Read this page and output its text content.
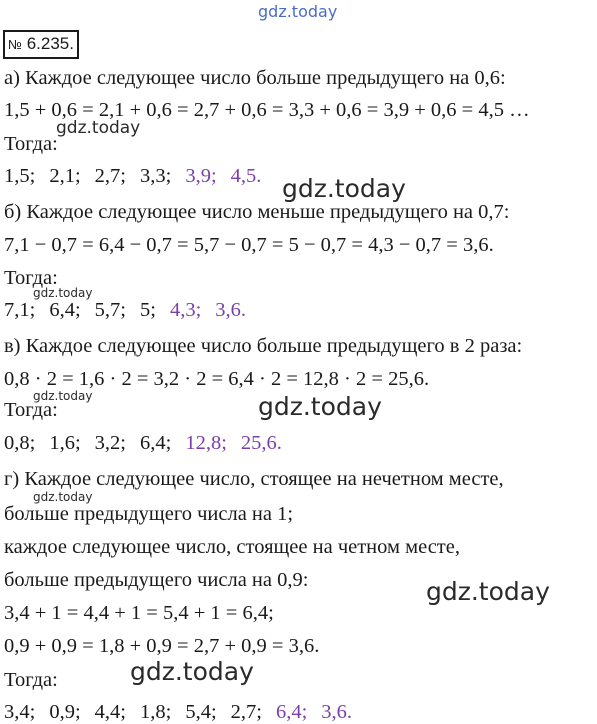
gdz.today
gdz.today
gdz.today
gdz.today
gdz.today	gdz.today
gdz.today
gdz.today
gdz.today
№ 6.235.
а) Каждое следующее число больше предыдущего на 0,6:
1,5 + 0,6 = 2,1 + 0,6 = 2,7 + 0,6 = 3,3 + 0,6 = 3,9 + 0,6 = 4,5 …
Тогда:
1,5; 2,1; 2,7; 3,3; 3,9; 4,5.
б) Каждое следующее число меньше предыдущего на 0,7:
7,1 − 0,7 = 6,4 − 0,7 = 5,7 − 0,7 = 5 − 0,7 = 4,3 − 0,7 = 3,6.
Тогда:
7,1; 6,4; 5,7; 5; 4,3; 3,6.
в) Каждое следующее число больше предыдущего в 2 раза:
0,8 · 2 = 1,6 · 2 = 3,2 · 2 = 6,4 · 2 = 12,8 · 2 = 25,6.
Тогда:
0,8; 1,6; 3,2; 6,4; 12,8; 25,6.
г) Каждое следующее число, стоящее на нечетном месте,
больше предыдущего числа на 1;
каждое следующее число, стоящее на четном месте,
больше предыдущего числа на 0,9:
3,4 + 1 = 4,4 + 1 = 5,4 + 1 = 6,4;
0,9 + 0,9 = 1,8 + 0,9 = 2,7 + 0,9 = 3,6.
Тогда:
3,4; 0,9; 4,4; 1,8; 5,4; 2,7; 6,4; 3,6.
